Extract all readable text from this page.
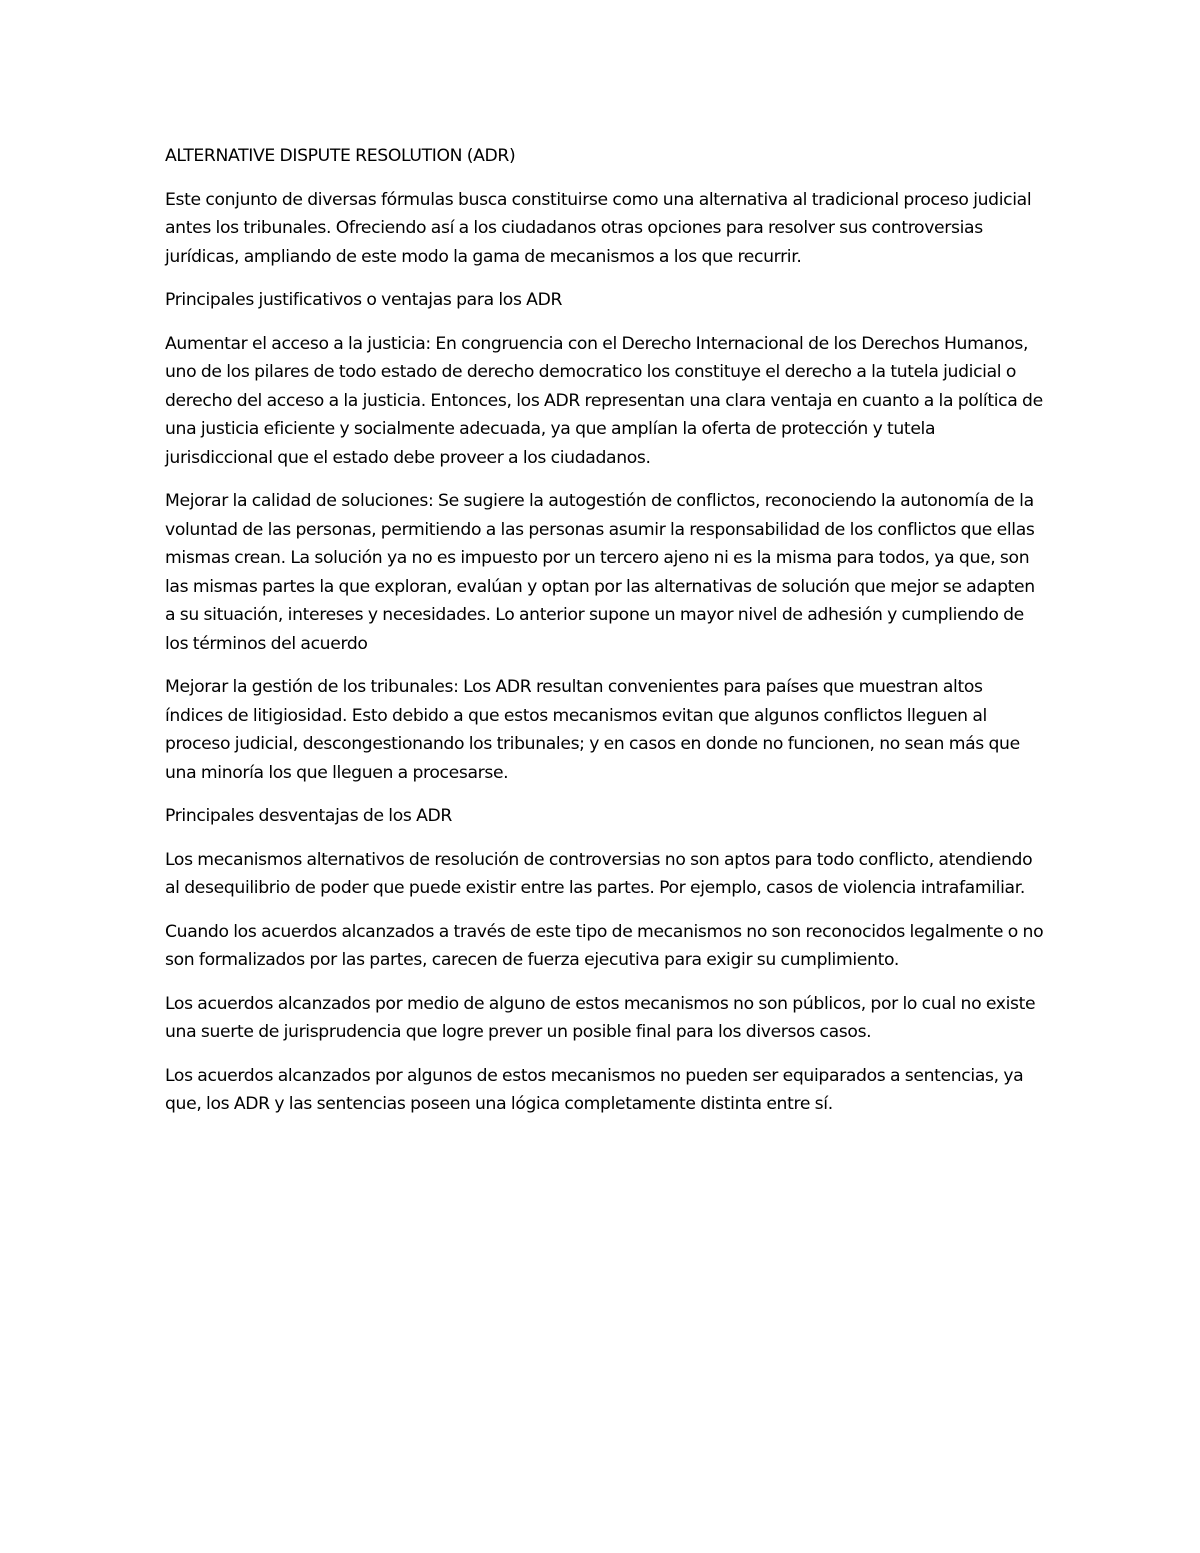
ALTERNATIVE DISPUTE RESOLUTION (ADR)

Este conjunto de diversas fórmulas busca constituirse como una alternativa al tradicional proceso judicial antes los tribunales. Ofreciendo así a los ciudadanos otras opciones para resolver sus controversias jurídicas, ampliando de este modo la gama de mecanismos a los que recurrir.

Principales justificativos o ventajas para los ADR

Aumentar el acceso a la justicia: En congruencia con el Derecho Internacional de los Derechos Humanos, uno de los pilares de todo estado de derecho democratico los constituye el derecho a la tutela judicial o derecho del acceso a la justicia. Entonces, los ADR representan una clara ventaja en cuanto a la política de una justicia eficiente y socialmente adecuada, ya que amplían la oferta de protección y tutela jurisdiccional que el estado debe proveer a los ciudadanos.

Mejorar la calidad de soluciones: Se sugiere la autogestión de conflictos, reconociendo la autonomía de la voluntad de las personas, permitiendo a las personas asumir la responsabilidad de los conflictos que ellas mismas crean. La solución ya no es impuesto por un tercero ajeno ni es la misma para todos, ya que, son las mismas partes la que exploran, evalúan y optan por las alternativas de solución que mejor se adapten a su situación, intereses y necesidades. Lo anterior supone un mayor nivel de adhesión y cumpliendo de los términos del acuerdo

Mejorar la gestión de los tribunales: Los ADR resultan convenientes para países que muestran altos índices de litigiosidad. Esto debido a que estos mecanismos evitan que algunos conflictos lleguen al proceso judicial, descongestionando los tribunales; y en casos en donde no funcionen, no sean más que una minoría los que lleguen a procesarse.

Principales desventajas de los ADR

Los mecanismos alternativos de resolución de controversias no son aptos para todo conflicto, atendiendo al desequilibrio de poder que puede existir entre las partes. Por ejemplo, casos de violencia intrafamiliar.

Cuando los acuerdos alcanzados a través de este tipo de mecanismos no son reconocidos legalmente o no son formalizados por las partes, carecen de fuerza ejecutiva para exigir su cumplimiento.

Los acuerdos alcanzados por medio de alguno de estos mecanismos no son públicos, por lo cual no existe una suerte de jurisprudencia que logre prever un posible final para los diversos casos.

Los acuerdos alcanzados por algunos de estos mecanismos no pueden ser equiparados a sentencias, ya que, los ADR y las sentencias poseen una lógica completamente distinta entre sí.
